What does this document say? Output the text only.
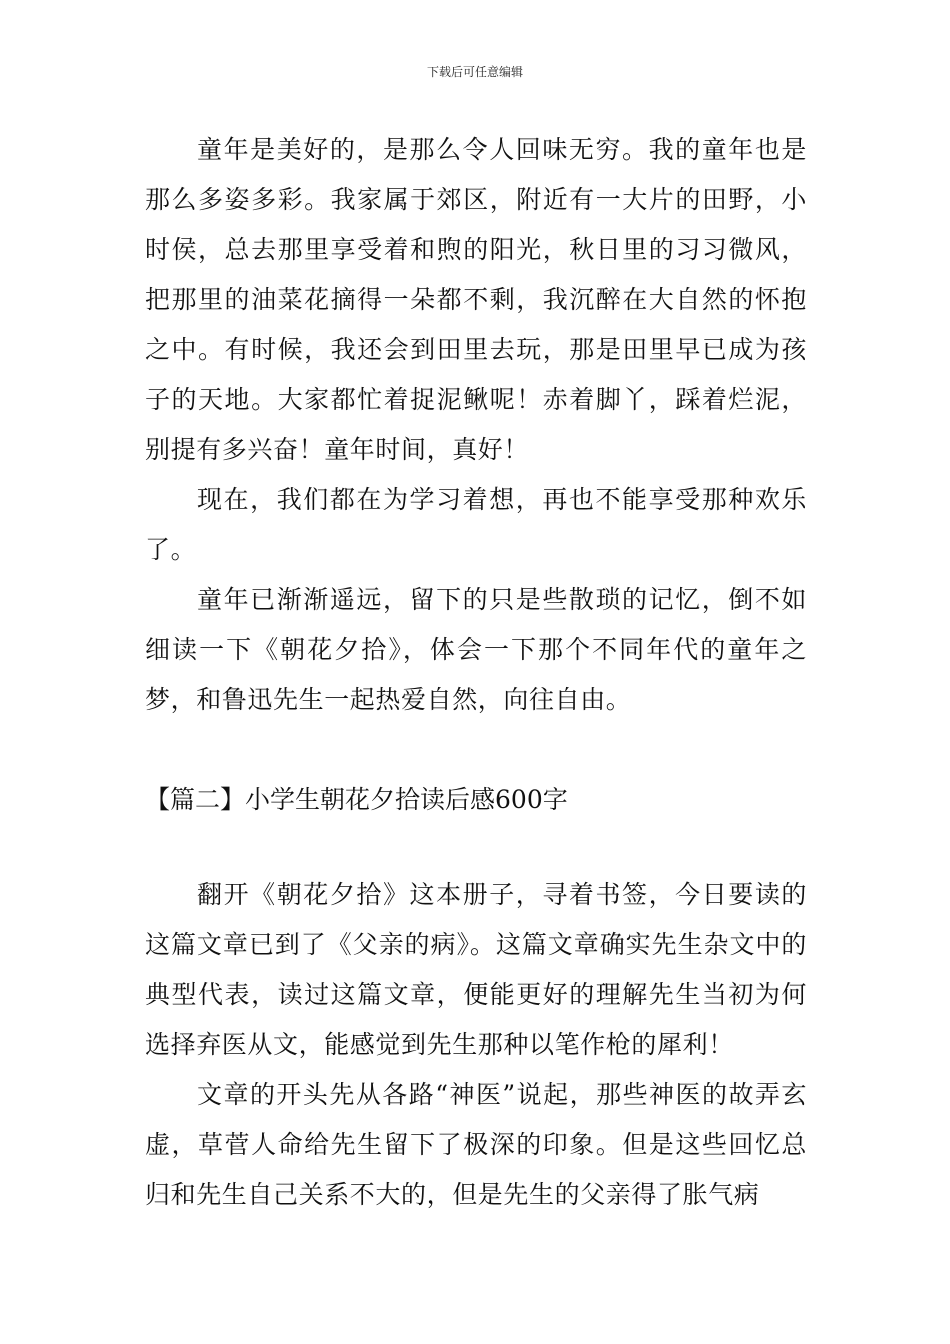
下载后可任意编辑

童年是美好的，是那么令人回味无穷。我的童年也是那么多姿多彩。我家属于郊区，附近有一大片的田野，小时侯，总去那里享受着和煦的阳光，秋日里的习习微风，把那里的油菜花摘得一朵都不剩，我沉醉在大自然的怀抱之中。有时候，我还会到田里去玩，那是田里早已成为孩子的天地。大家都忙着捉泥鳅呢！赤着脚丫，踩着烂泥，别提有多兴奋！童年时间，真好！

现在，我们都在为学习着想，再也不能享受那种欢乐了。

童年已渐渐遥远，留下的只是些散琐的记忆，倒不如细读一下《朝花夕拾》，体会一下那个不同年代的童年之梦，和鲁迅先生一起热爱自然，向往自由。

【篇二】小学生朝花夕拾读后感600字

翻开《朝花夕拾》这本册子，寻着书签，今日要读的这篇文章已到了《父亲的病》。这篇文章确实先生杂文中的典型代表，读过这篇文章，便能更好的理解先生当初为何选择弃医从文，能感觉到先生那种以笔作枪的犀利！

文章的开头先从各路“神医”说起，那些神医的故弄玄虚，草菅人命给先生留下了极深的印象。但是这些回忆总归和先生自己关系不大的，但是先生的父亲得了胀气病
